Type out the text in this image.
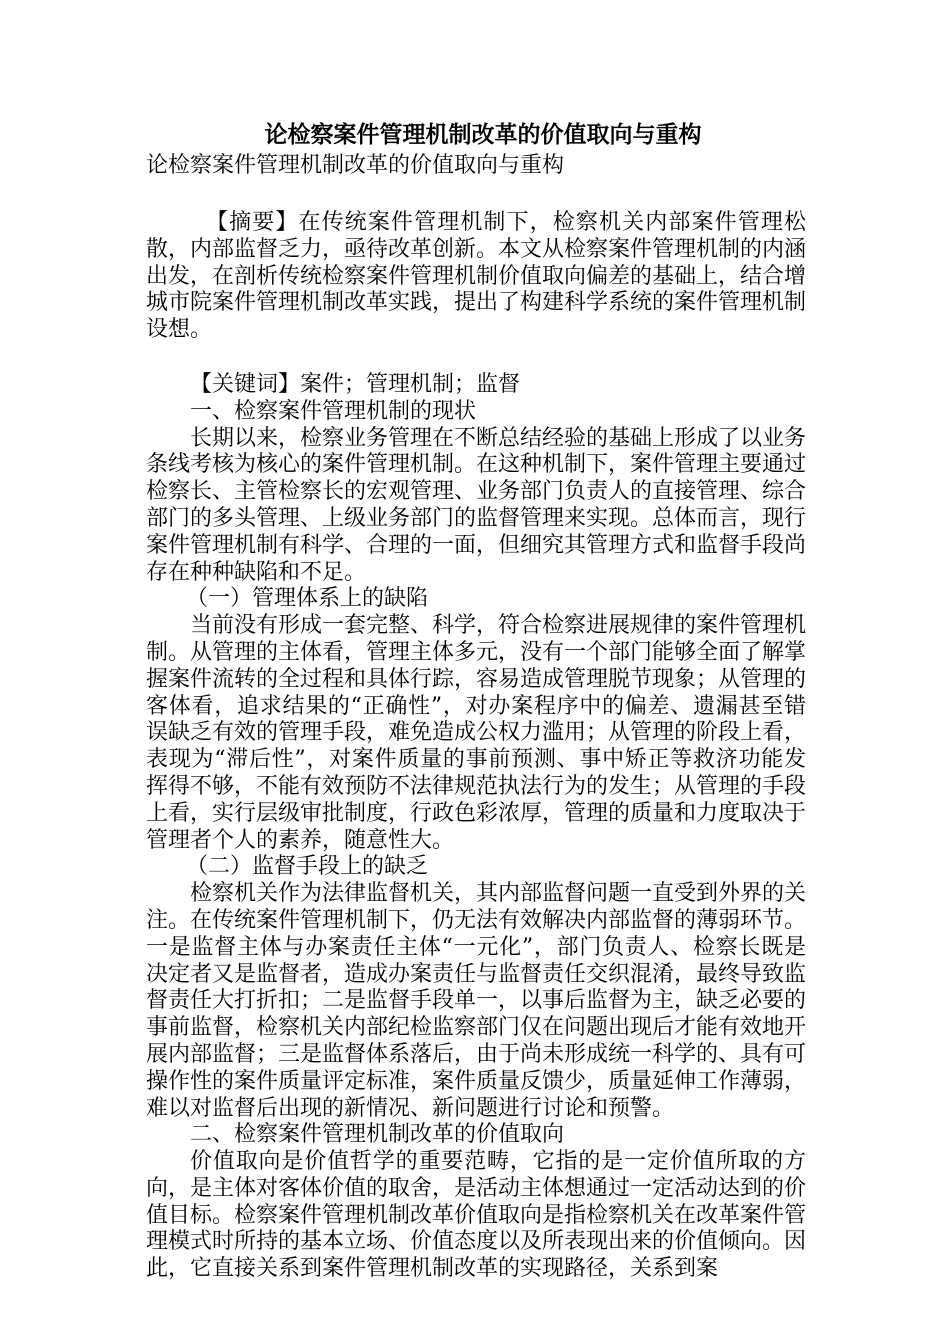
论检察案件管理机制改革的价值取向与重构

论检察案件管理机制改革的价值取向与重构

【摘要】在传统案件管理机制下，检察机关内部案件管理松散，内部监督乏力，亟待改革创新。本文从检察案件管理机制的内涵出发，在剖析传统检察案件管理机制价值取向偏差的基础上，结合增城市院案件管理机制改革实践，提出了构建科学系统的案件管理机制设想。

【关键词】案件；管理机制；监督

一、检察案件管理机制的现状

长期以来，检察业务管理在不断总结经验的基础上形成了以业务条线考核为核心的案件管理机制。在这种机制下，案件管理主要通过检察长、主管检察长的宏观管理、业务部门负责人的直接管理、综合部门的多头管理、上级业务部门的监督管理来实现。总体而言，现行案件管理机制有科学、合理的一面，但细究其管理方式和监督手段尚存在种种缺陷和不足。

（一）管理体系上的缺陷

当前没有形成一套完整、科学，符合检察进展规律的案件管理机制。从管理的主体看，管理主体多元，没有一个部门能够全面了解掌握案件流转的全过程和具体行踪，容易造成管理脱节现象；从管理的客体看，追求结果的“正确性”，对办案程序中的偏差、遗漏甚至错误缺乏有效的管理手段，难免造成公权力滥用；从管理的阶段上看，表现为“滞后性”，对案件质量的事前预测、事中矫正等救济功能发挥得不够，不能有效预防不法律规范执法行为的发生；从管理的手段上看，实行层级审批制度，行政色彩浓厚，管理的质量和力度取决于管理者个人的素养，随意性大。

（二）监督手段上的缺乏

检察机关作为法律监督机关，其内部监督问题一直受到外界的关注。在传统案件管理机制下，仍无法有效解决内部监督的薄弱环节。一是监督主体与办案责任主体“一元化”，部门负责人、检察长既是决定者又是监督者，造成办案责任与监督责任交织混淆，最终导致监督责任大打折扣；二是监督手段单一，以事后监督为主，缺乏必要的事前监督，检察机关内部纪检监察部门仅在问题出现后才能有效地开展内部监督；三是监督体系落后，由于尚未形成统一科学的、具有可操作性的案件质量评定标准，案件质量反馈少，质量延伸工作薄弱，难以对监督后出现的新情况、新问题进行讨论和预警。

二、检察案件管理机制改革的价值取向

价值取向是价值哲学的重要范畴，它指的是一定价值所取的方向，是主体对客体价值的取舍，是活动主体想通过一定活动达到的价值目标。检察案件管理机制改革价值取向是指检察机关在改革案件管理模式时所持的基本立场、价值态度以及所表现出来的价值倾向。因此，它直接关系到案件管理机制改革的实现路径，关系到案
